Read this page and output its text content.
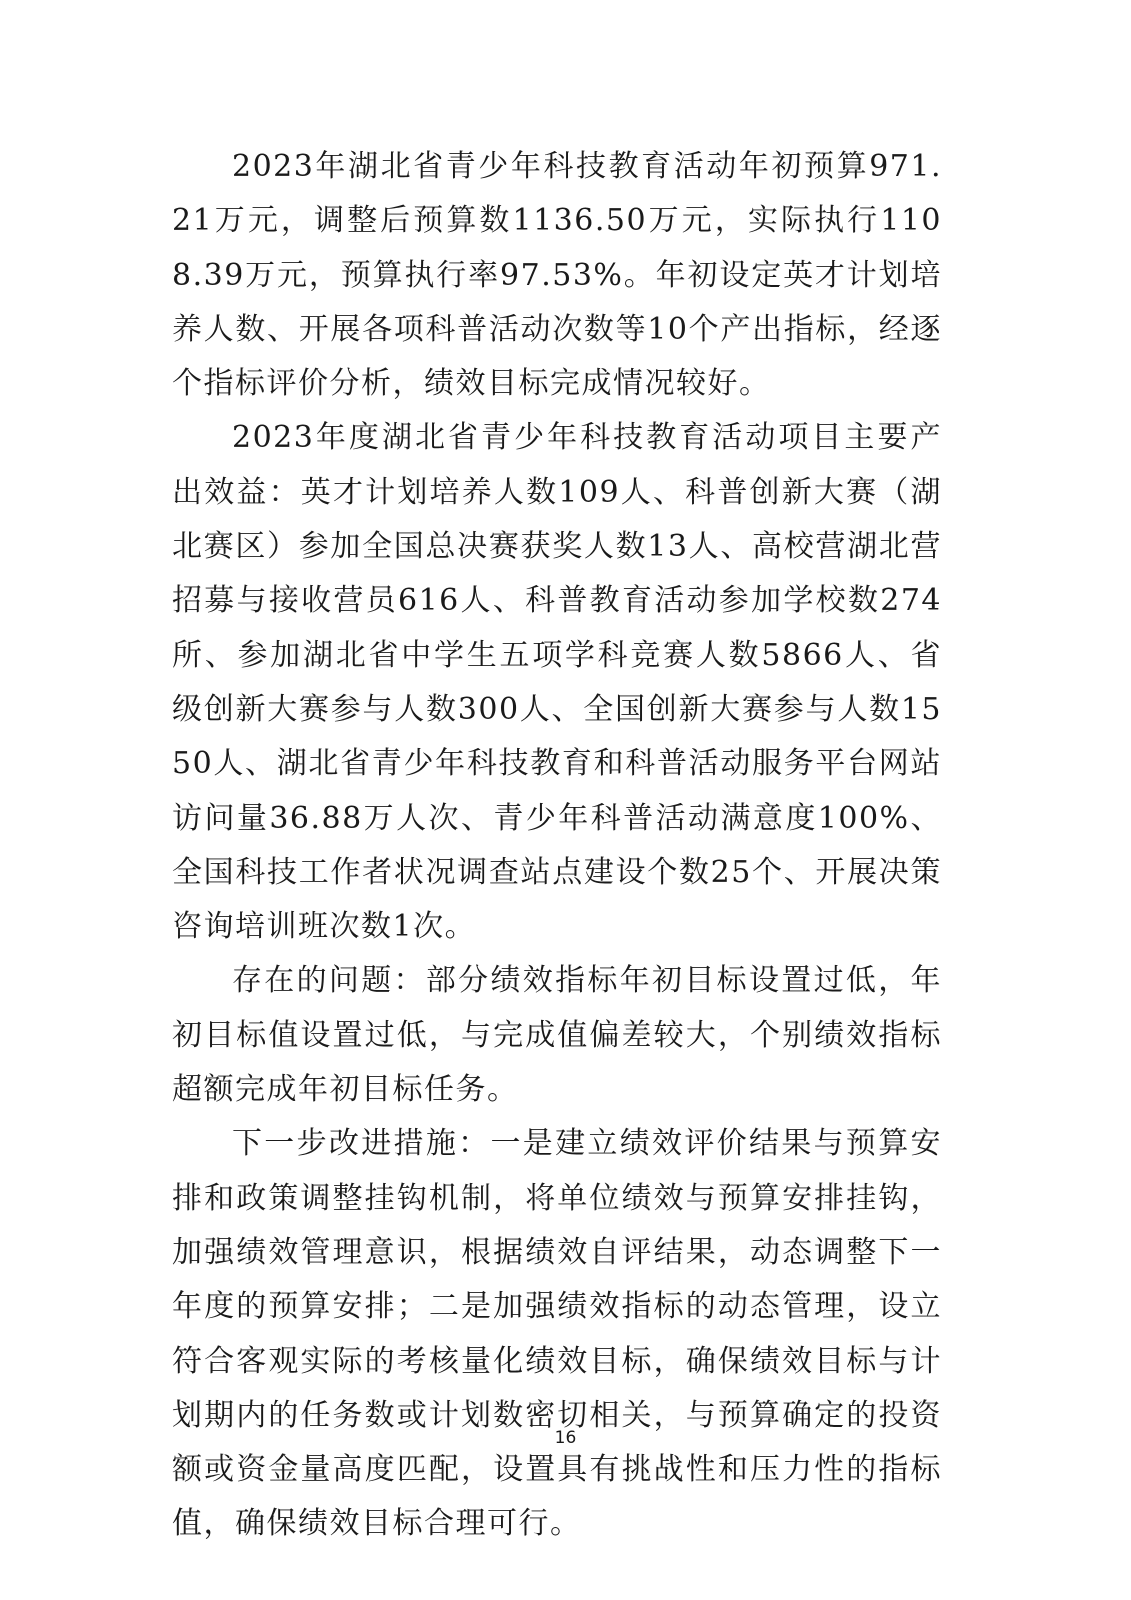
2023年湖北省青少年科技教育活动年初预算971.21万元，调整后预算数1136.50万元，实际执行1108.39万元，预算执行率97.53%。年初设定英才计划培养人数、开展各项科普活动次数等10个产出指标，经逐个指标评价分析，绩效目标完成情况较好。

2023年度湖北省青少年科技教育活动项目主要产出效益：英才计划培养人数109人、科普创新大赛（湖北赛区）参加全国总决赛获奖人数13人、高校营湖北营招募与接收营员616人、科普教育活动参加学校数274所、参加湖北省中学生五项学科竞赛人数5866人、省级创新大赛参与人数300人、全国创新大赛参与人数1550人、湖北省青少年科技教育和科普活动服务平台网站访问量36.88万人次、青少年科普活动满意度100%、全国科技工作者状况调查站点建设个数25个、开展决策咨询培训班次数1次。

存在的问题：部分绩效指标年初目标设置过低，年初目标值设置过低，与完成值偏差较大，个别绩效指标超额完成年初目标任务。

下一步改进措施：一是建立绩效评价结果与预算安排和政策调整挂钩机制，将单位绩效与预算安排挂钩，加强绩效管理意识，根据绩效自评结果，动态调整下一年度的预算安排；二是加强绩效指标的动态管理，设立符合客观实际的考核量化绩效目标，确保绩效目标与计划期内的任务数或计划数密切相关，与预算确定的投资额或资金量高度匹配，设置具有挑战性和压力性的指标值，确保绩效目标合理可行。

16
